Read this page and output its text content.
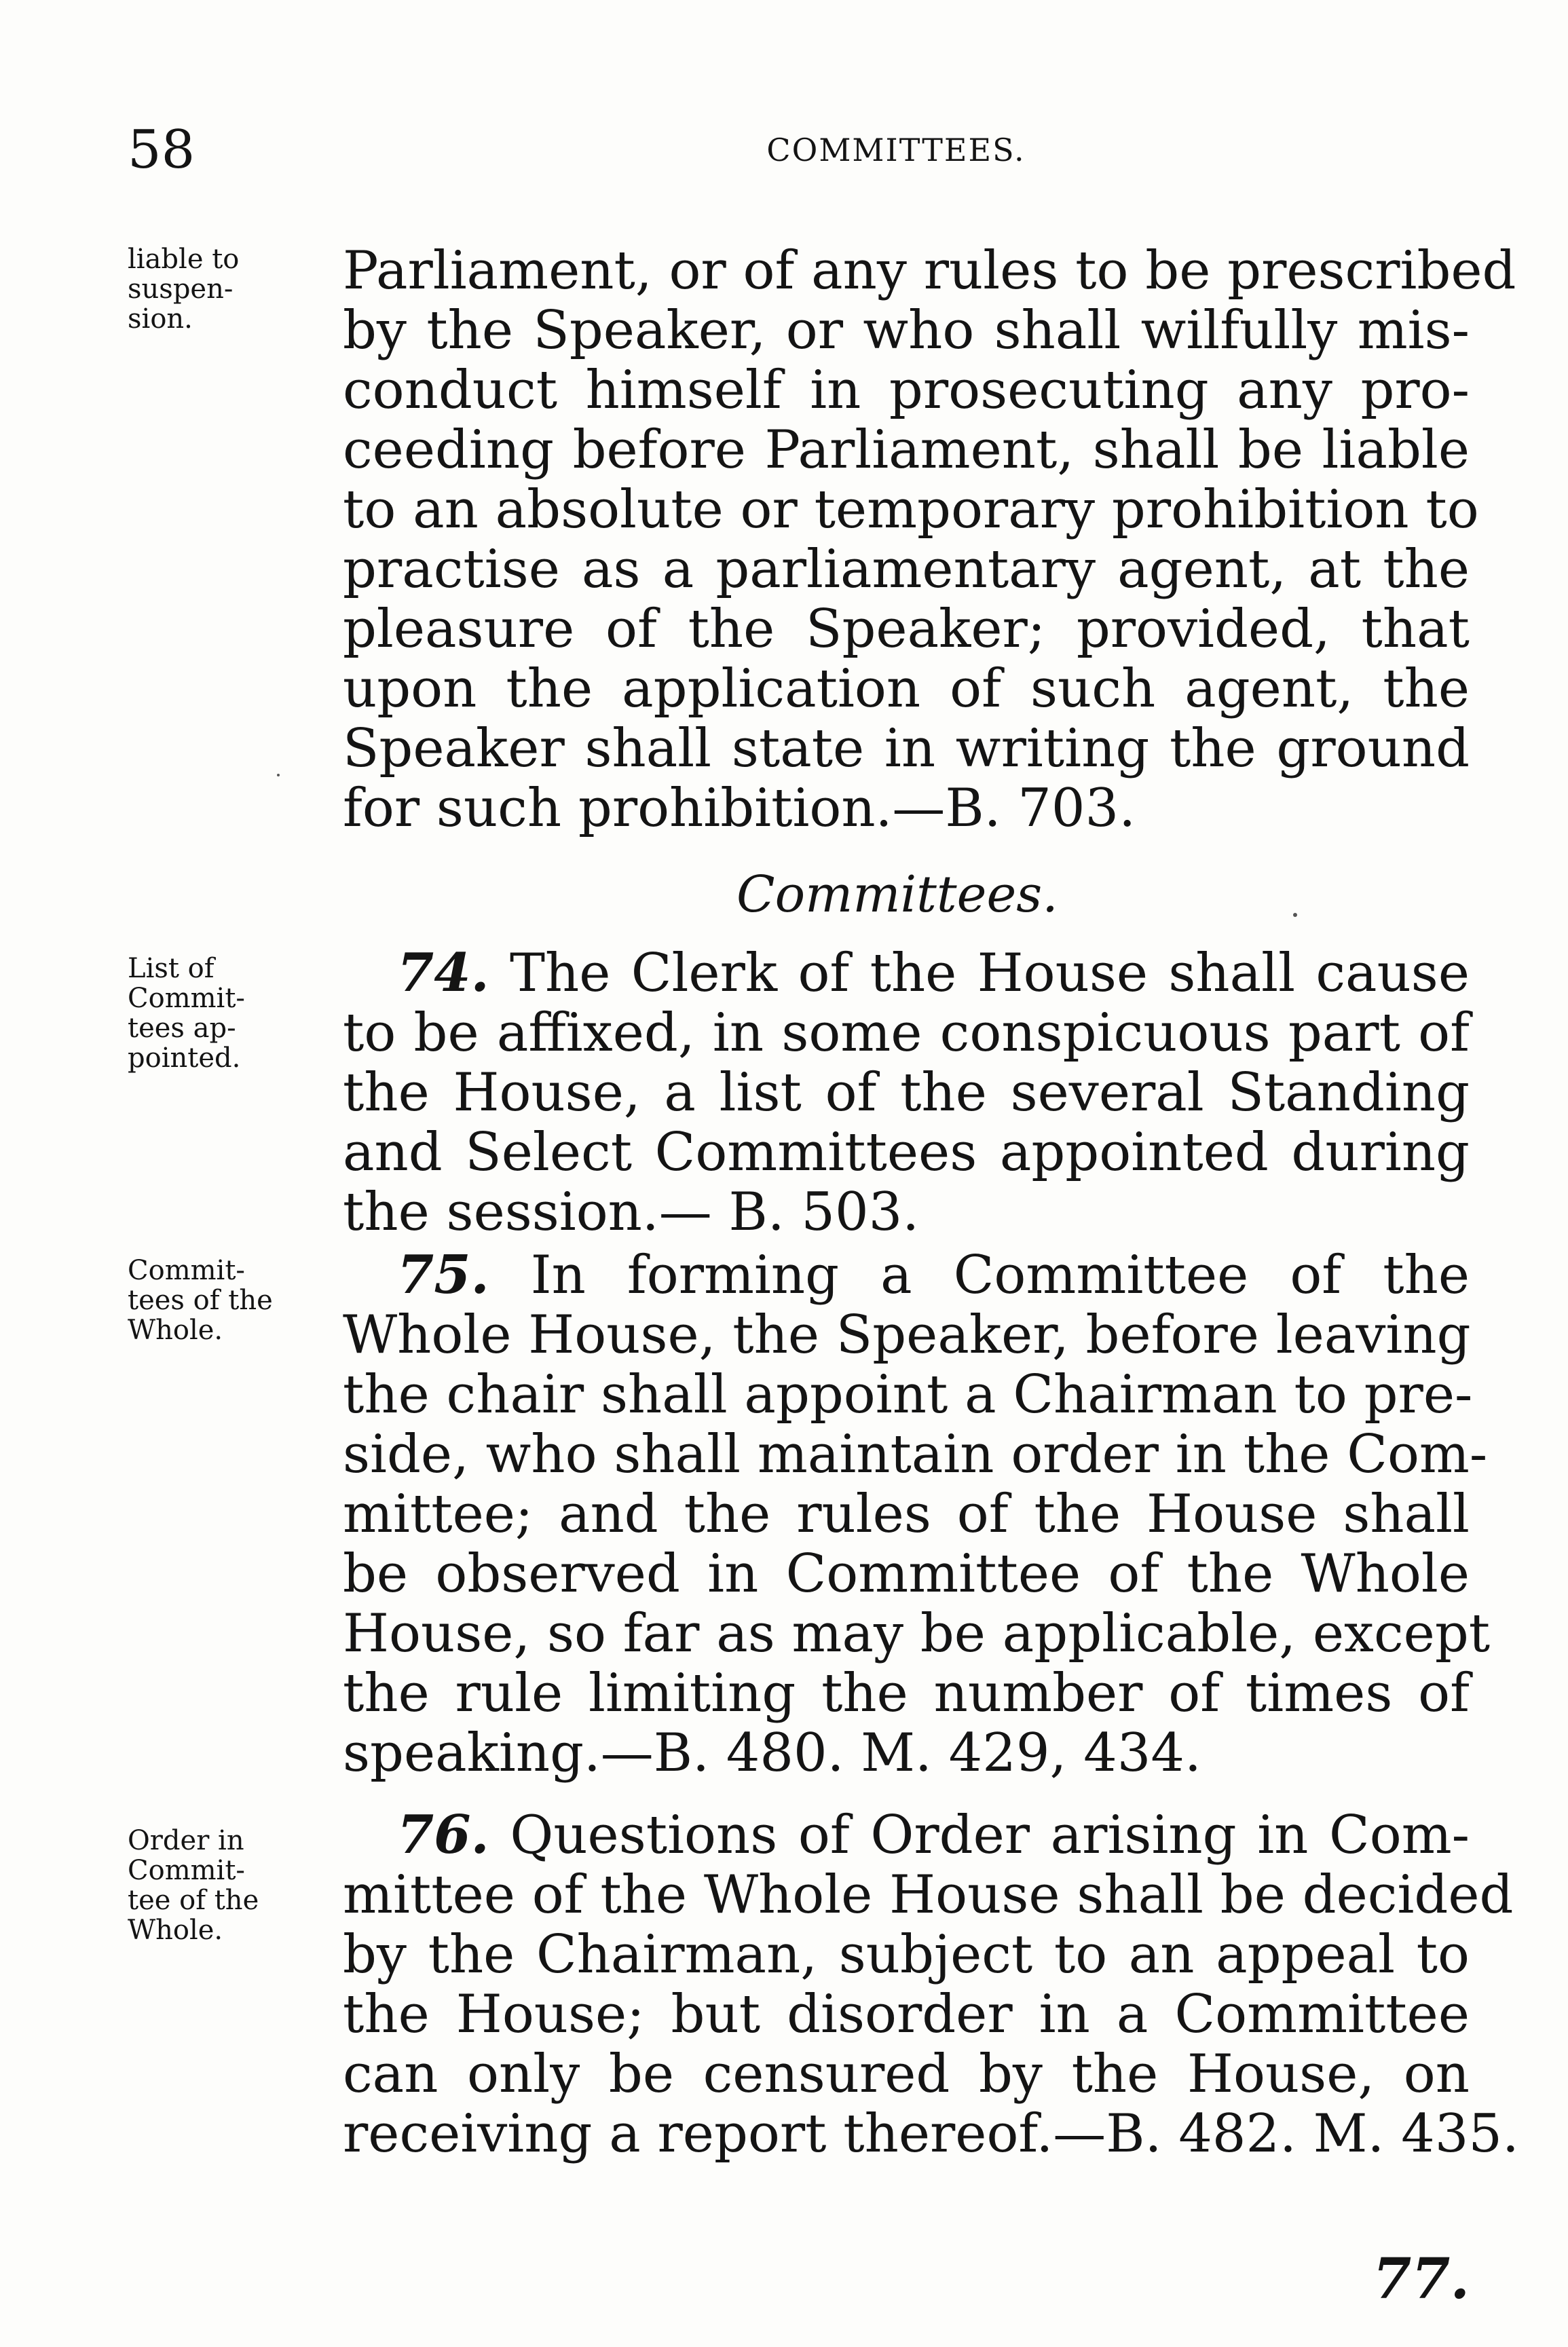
58	COMMITTEES.
liable to
suspen-
sion.
List of
Commit-
tees ap-
pointed.
Commit-
tees of the
Whole.
Order in
Commit-
tee of the
Whole.
Parliament, or of any rules to be prescribed
by the Speaker, or who shall wilfully mis-
conduct himself in prosecuting any pro-
ceeding before Parliament, shall be liable
to an absolute or temporary prohibition to
practise as a parliamentary agent, at the
pleasure of the Speaker; provided, that
upon the application of such agent, the
Speaker shall state in writing the ground
for such prohibition.—B. 703.
Committees.
74. The Clerk of the House shall cause
to be affixed, in some conspicuous part of
the House, a list of the several Standing
and Select Committees appointed during
the session.— B. 503.
75. In forming a Committee of the
Whole House, the Speaker, before leaving
the chair shall appoint a Chairman to pre-
side, who shall maintain order in the Com-
mittee; and the rules of the House shall
be observed in Committee of the Whole
House, so far as may be applicable, except
the rule limiting the number of times of
speaking.—B. 480. M. 429, 434.
76. Questions of Order arising in Com-
mittee of the Whole House shall be decided
by the Chairman, subject to an appeal to
the House; but disorder in a Committee
can only be censured by the House, on
receiving a report thereof.—B. 482. M. 435.
77.
